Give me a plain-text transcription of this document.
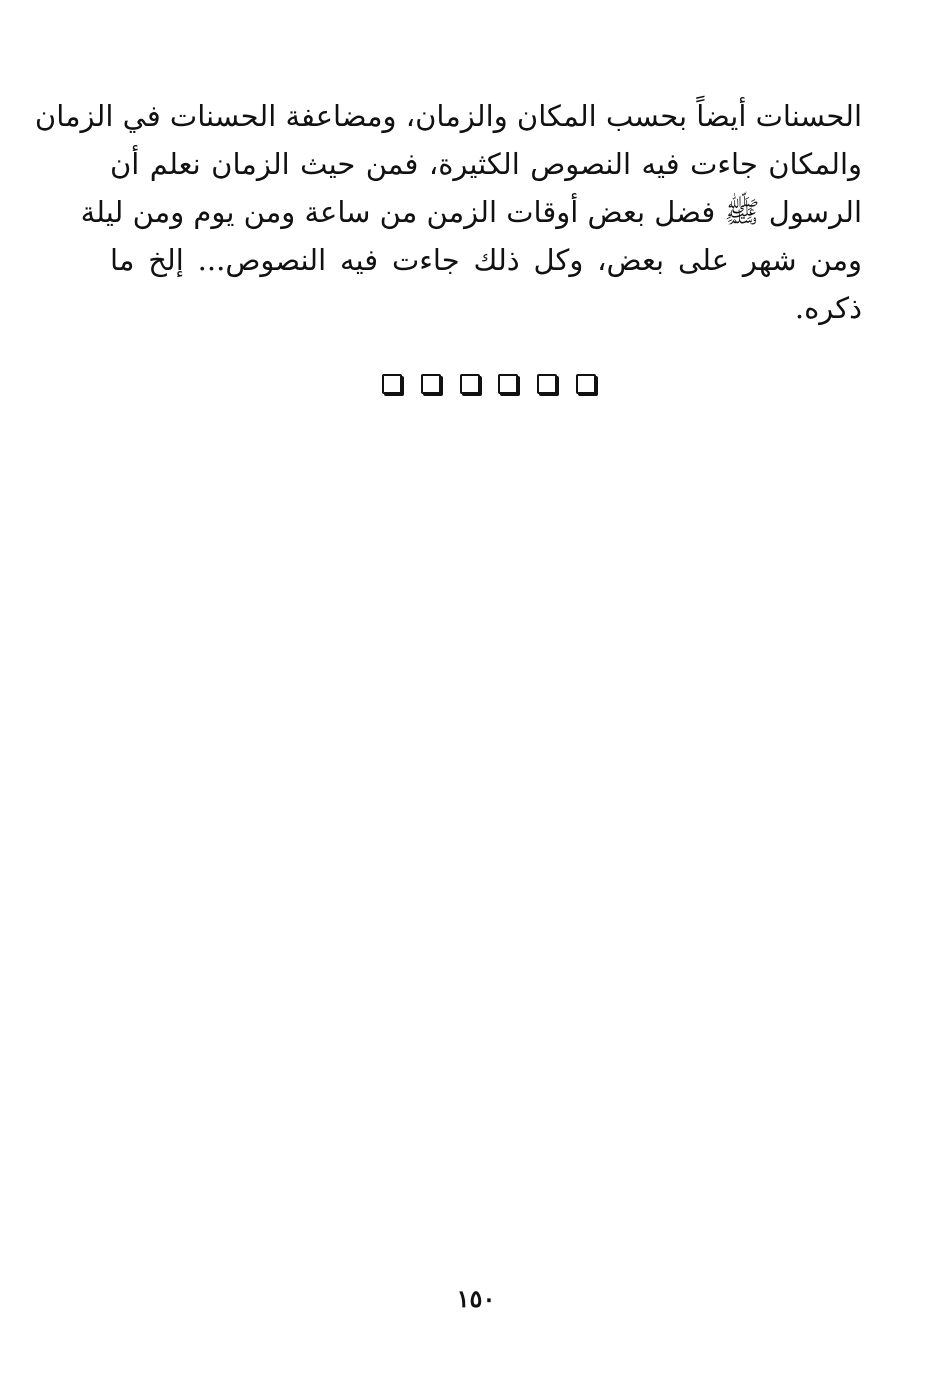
الحسنات أيضاً بحسب المكان والزمان، ومضاعفة الحسنات في الزمان
والمكان جاءت فيه النصوص الكثيرة، فمن حيث الزمان نعلم أن
الرسول ﷺ فضل بعض أوقات الزمن من ساعة ومن يوم ومن ليلة
ومن شهر على بعض، وكل ذلك جاءت فيه النصوص... إلخ ما
ذكره.
١٥٠
